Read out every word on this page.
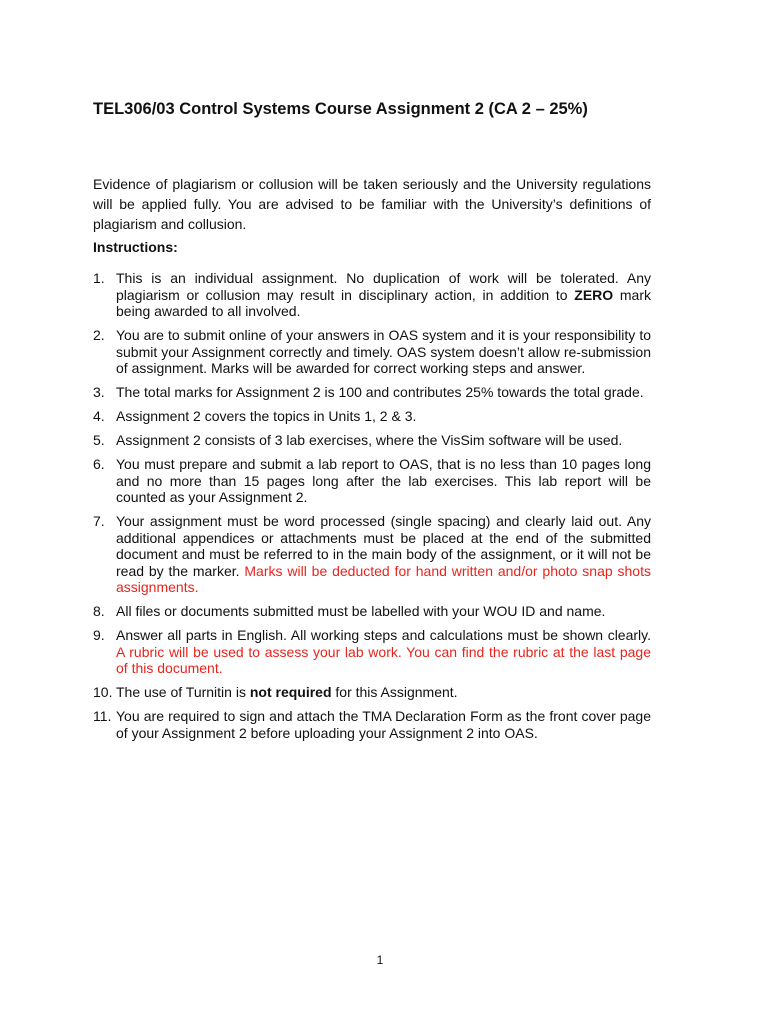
TEL306/03 Control Systems Course Assignment 2 (CA 2 – 25%)

Evidence of plagiarism or collusion will be taken seriously and the University regulations will be applied fully. You are advised to be familiar with the University’s definitions of plagiarism and collusion.

Instructions:

1. This is an individual assignment. No duplication of work will be tolerated. Any plagiarism or collusion may result in disciplinary action, in addition to ZERO mark being awarded to all involved.
2. You are to submit online of your answers in OAS system and it is your responsibility to submit your Assignment correctly and timely. OAS system doesn’t allow re-submission of assignment. Marks will be awarded for correct working steps and answer.
3. The total marks for Assignment 2 is 100 and contributes 25% towards the total grade.
4. Assignment 2 covers the topics in Units 1, 2 & 3.
5. Assignment 2 consists of 3 lab exercises, where the VisSim software will be used.
6. You must prepare and submit a lab report to OAS, that is no less than 10 pages long and no more than 15 pages long after the lab exercises. This lab report will be counted as your Assignment 2.
7. Your assignment must be word processed (single spacing) and clearly laid out. Any additional appendices or attachments must be placed at the end of the submitted document and must be referred to in the main body of the assignment, or it will not be read by the marker. Marks will be deducted for hand written and/or photo snap shots assignments.
8. All files or documents submitted must be labelled with your WOU ID and name.
9. Answer all parts in English. All working steps and calculations must be shown clearly. A rubric will be used to assess your lab work. You can find the rubric at the last page of this document.
10. The use of Turnitin is not required for this Assignment.
11. You are required to sign and attach the TMA Declaration Form as the front cover page of your Assignment 2 before uploading your Assignment 2 into OAS.
1
